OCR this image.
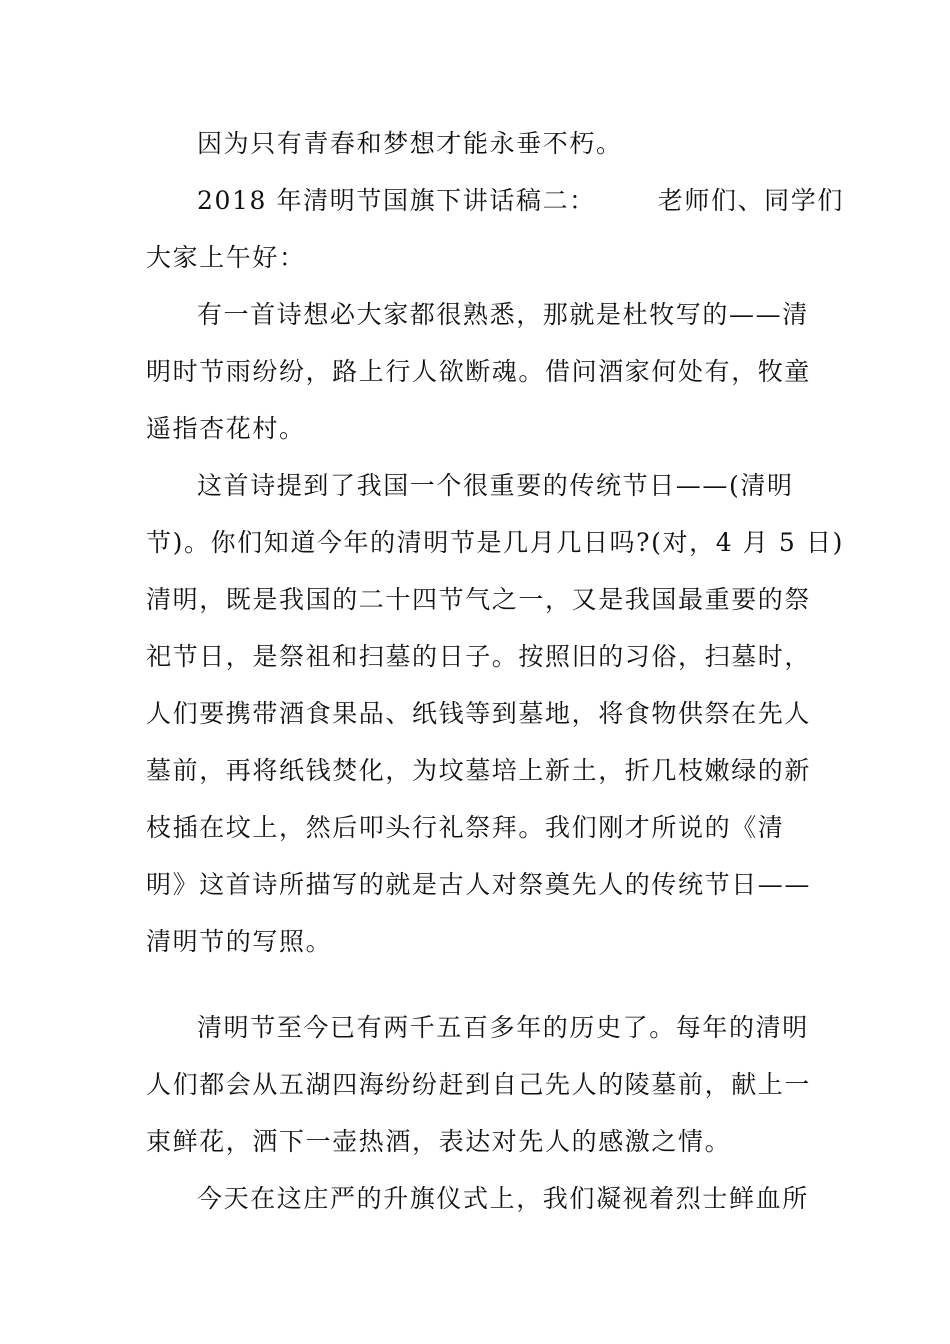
因为只有青春和梦想才能永垂不朽。
2018 年清明节国旗下讲话稿二： 老师们、同学们
大家上午好：
有一首诗想必大家都很熟悉，那就是杜牧写的——清
明时节雨纷纷，路上行人欲断魂。借问酒家何处有，牧童
遥指杏花村。
这首诗提到了我国一个很重要的传统节日——(清明
节)。你们知道今年的清明节是几月几日吗?(对，4 月 5 日)
清明，既是我国的二十四节气之一，又是我国最重要的祭
祀节日，是祭祖和扫墓的日子。按照旧的习俗，扫墓时，
人们要携带酒食果品、纸钱等到墓地，将食物供祭在先人
墓前，再将纸钱焚化，为坟墓培上新土，折几枝嫩绿的新
枝插在坟上，然后叩头行礼祭拜。我们刚才所说的《清
明》这首诗所描写的就是古人对祭奠先人的传统节日——
清明节的写照。
清明节至今已有两千五百多年的历史了。每年的清明
人们都会从五湖四海纷纷赶到自己先人的陵墓前，献上一
束鲜花，洒下一壶热酒，表达对先人的感激之情。
今天在这庄严的升旗仪式上，我们凝视着烈士鲜血所
